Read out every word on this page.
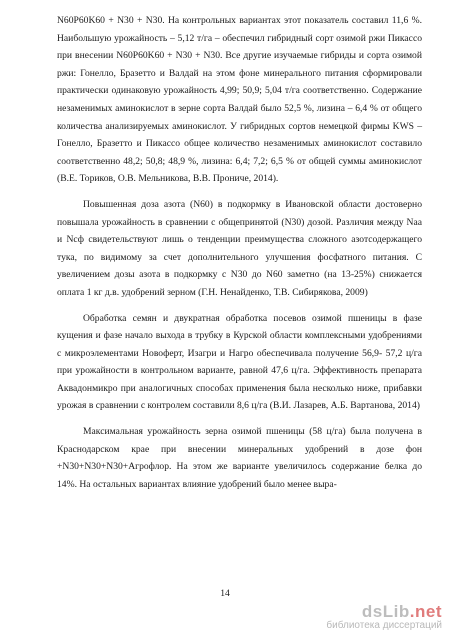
N60P60K60 + N30 + N30. На контрольных вариантах этот показатель составил 11,6 %. Наибольшую урожайность – 5,12 т/га – обеспечил гибридный сорт озимой ржи Пикассо при внесении N60P60K60 + N30 + N30. Все другие изучаемые гибриды и сорта озимой ржи: Гонелло, Бразетто и Валдай на этом фоне минерального питания сформировали практически одинаковую урожайность 4,99; 50,9; 5,04 т/га соответственно. Содержание незаменимых аминокислот в зерне сорта Валдай было 52,5 %, лизина – 6,4 % от общего количества анализируемых аминокислот. У гибридных сортов немецкой фирмы KWS – Гонелло, Бразетто и Пикассо общее количество незаменимых аминокислот составило соответственно 48,2; 50,8; 48,9 %, лизина: 6,4; 7,2; 6,5 % от общей суммы аминокислот (В.Е. Ториков, О.В. Мельникова, В.В. Прониче, 2014).

Повышенная доза азота (N60) в подкормку в Ивановской области достоверно повышала урожайность в сравнении с общепринятой (N30) дозой. Различия между Naa и Nсф свидетельствуют лишь о тенденции преимущества сложного азотсодержащего тука, по видимому за счет дополнительного улучшения фосфатного питания. С увеличением дозы азота в подкормку с N30 до N60 заметно (на 13-25%) снижается оплата 1 кг д.в. удобрений зерном (Г.Н. Ненайденко, Т.В. Сибирякова, 2009)

Обработка семян и двукратная обработка посевов озимой пшеницы в фазе кущения и фазе начало выхода в трубку в Курской области комплексными удобрениями с микроэлементами Новоферт, Изагри и Нагро обеспечивала получение 56,9- 57,2 ц/га при урожайности в контрольном варианте, равной 47,6 ц/га. Эффективность препарата Аквадонмикро при аналогичных способах применения была несколько ниже, прибавки урожая в сравнении с контролем составили 8,6 ц/га (В.И. Лазарев, А.Б. Вартанова, 2014)

Максимальная урожайность зерна озимой пшеницы (58 ц/га) была получена в Краснодарском крае при внесении минеральных удобрений в дозе фон +N30+N30+N30+Агрофлор. На этом же варианте увеличилось содержание белка до 14%. На остальных вариантах влияние удобрений было менее выра-

14
dsLib.net
библиотека диссертаций
